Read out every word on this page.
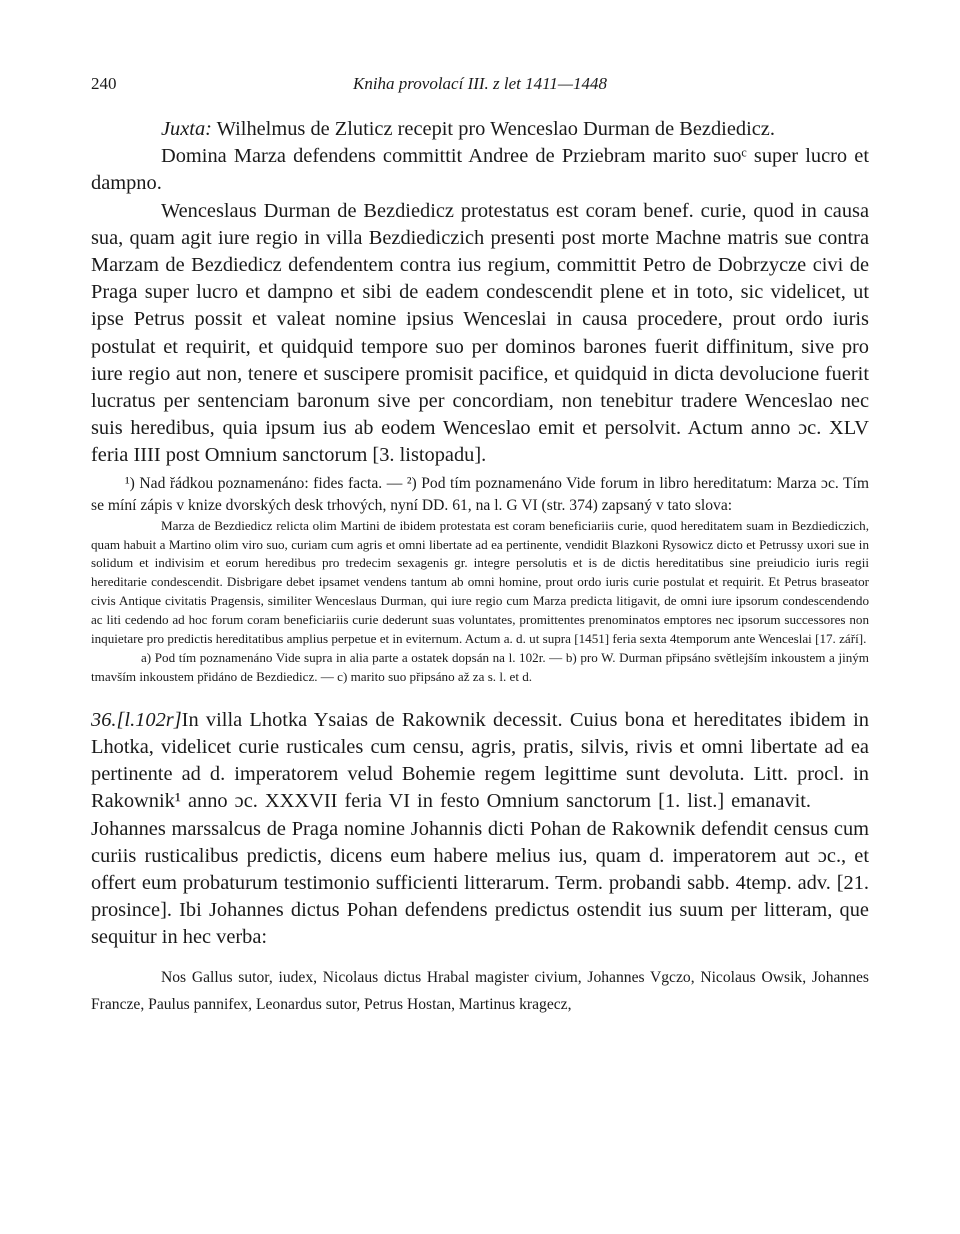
240	Kniha provolací III. z let 1411—1448

Juxta: Wilhelmus de Zluticz recepit pro Wenceslao Durman de Bezdiedicz.

Domina Marza defendens committit Andree de Prziebram marito suoᶜ super lucro et dampno.

Wenceslaus Durman de Bezdiedicz protestatus est coram benef. curie, quod in causa sua, quam agit iure regio in villa Bezdiediczich presenti post morte Machne matris sue contra Marzam de Bezdiedicz defendentem contra ius regium, committit Petro de Dobrzycze civi de Praga super lucro et dampno et sibi de eadem condescendit plene et in toto, sic videlicet, ut ipse Petrus possit et valeat nomine ipsius Wenceslai in causa procedere, prout ordo iuris postulat et requirit, et quidquid tempore suo per dominos barones fuerit diffinitum, sive pro iure regio aut non, tenere et suscipere promisit pacifice, et quidquid in dicta devolucione fuerit lucratus per sentenciam baronum sive per concordiam, non tenebitur tradere Wenceslao nec suis heredibus, quia ipsum ius ab eodem Wenceslao emit et persolvit. Actum anno ɔc. XLV feria IIII post Omnium sanctorum [3. listopadu].

¹) Nad řádkou poznamenáno: fides facta. — ²) Pod tím poznamenáno Vide forum in libro hereditatum: Marza ɔc. Tím se míní zápis v knize dvorských desk trhových, nyní DD. 61, na l. G VI (str. 374) zapsaný v tato slova:

Marza de Bezdiedicz relicta olim Martini de ibidem protestata est coram beneficiariis curie, quod hereditatem suam in Bezdiediczich, quam habuit a Martino olim viro suo, curiam cum agris et omni libertate ad ea pertinente, vendidit Blazkoni Rysowicz dicto et Petrussy uxori sue in solidum et indivisim et eorum heredibus pro tredecim sexagenis gr. integre persolutis et is de dictis hereditatibus sine preiudicio iuris regii hereditarie condescendit. Disbrigare debet ipsamet vendens tantum ab omni homine, prout ordo iuris curie postulat et requirit. Et Petrus braseator civis Antique civitatis Pragensis, similiter Wenceslaus Durman, qui iure regio cum Marza predicta litigavit, de omni iure ipsorum condescendendo ac liti cedendo ad hoc forum coram beneficiariis curie dederunt suas voluntates, promittentes prenominatos emptores nec ipsorum successores non inquietare pro predictis hereditatibus amplius perpetue et in eviternum. Actum a. d. ut supra [1451] feria sexta 4temporum ante Wenceslai [17. září].

a) Pod tím poznamenáno Vide supra in alia parte a ostatek dopsán na l. 102r. — b) pro W. Durman připsáno světlejším inkoustem a jiným tmavším inkoustem přidáno de Bezdiedicz. — c) marito suo připsáno až za s. l. et d.

36.[l.102r]In villa Lhotka Ysaias de Rakownik decessit. Cuius bona et hereditates ibidem in Lhotka, videlicet curie rusticales cum censu, agris, pratis, silvis, rivis et omni libertate ad ea pertinente ad d. imperatorem velud Bohemie regem legittime sunt devoluta. Litt. procl. in Rakownik¹ anno ɔc. XXXVII feria VI in festo Omnium sanctorum [1. list.] emanavit.Johannes marssalcus de Praga nomine Johannis dicti Pohan de Rakownik defendit census cum curiis rusticalibus predictis, dicens eum habere melius ius, quam d. imperatorem aut ɔc., et offert eum probaturum testimonio sufficienti litterarum. Term. probandi sabb. 4temp. adv. [21. prosince]. Ibi Johannes dictus Pohan defendens predictus ostendit ius suum per litteram, que sequitur in hec verba:

Nos Gallus sutor, iudex, Nicolaus dictus Hrabal magister civium, Johannes Vgczo, Nicolaus Owsik, Johannes Francze, Paulus pannifex, Leonardus sutor, Petrus Hostan, Martinus kragecz,
